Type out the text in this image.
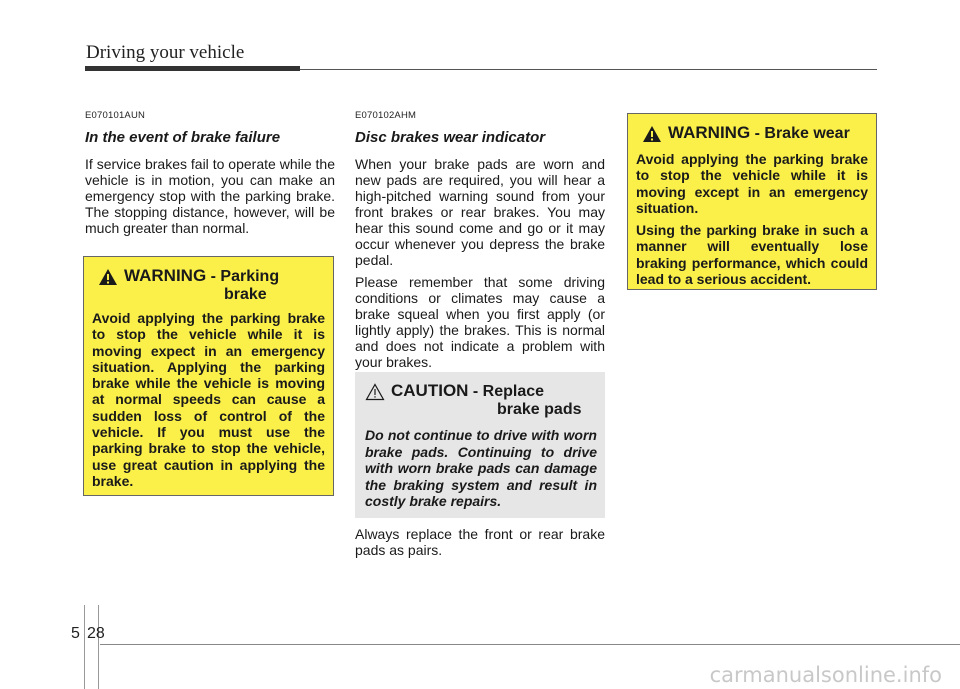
Driving your vehicle
E070101AUN
In the event of brake failure
If service brakes fail to operate while the vehicle is in motion, you can make an emergency stop with the parking brake. The stopping distance, however, will be much greater than normal.
WARNING - Parking
brake
Avoid applying the parking brake to stop the vehicle while it is moving expect in an emergency situation. Applying the parking brake while the vehicle is moving at normal speeds can cause a sudden loss of control of the vehicle. If you must use the parking brake to stop the vehicle, use great caution in applying the brake.
E070102AHM
Disc brakes wear indicator
When your brake pads are worn and new pads are required, you will hear a high-pitched warning sound from your front brakes or rear brakes. You may hear this sound come and go or it may occur whenever you depress the brake pedal.
Please remember that some driving conditions or climates may cause a brake squeal when you first apply (or lightly apply) the brakes. This is normal and does not indicate a problem with your brakes.
CAUTION - Replace
brake pads
Do not continue to drive with worn brake pads. Continuing to drive with worn brake pads can damage the braking system and result in costly brake repairs.
Always replace the front or rear brake pads as pairs.
WARNING - Brake wear
Avoid applying the parking brake to stop the vehicle while it is moving except in an emergency situation.
Using the parking brake in such a manner will eventually lose braking performance, which could lead to a serious accident.
5 28
carmanualsonline.info
